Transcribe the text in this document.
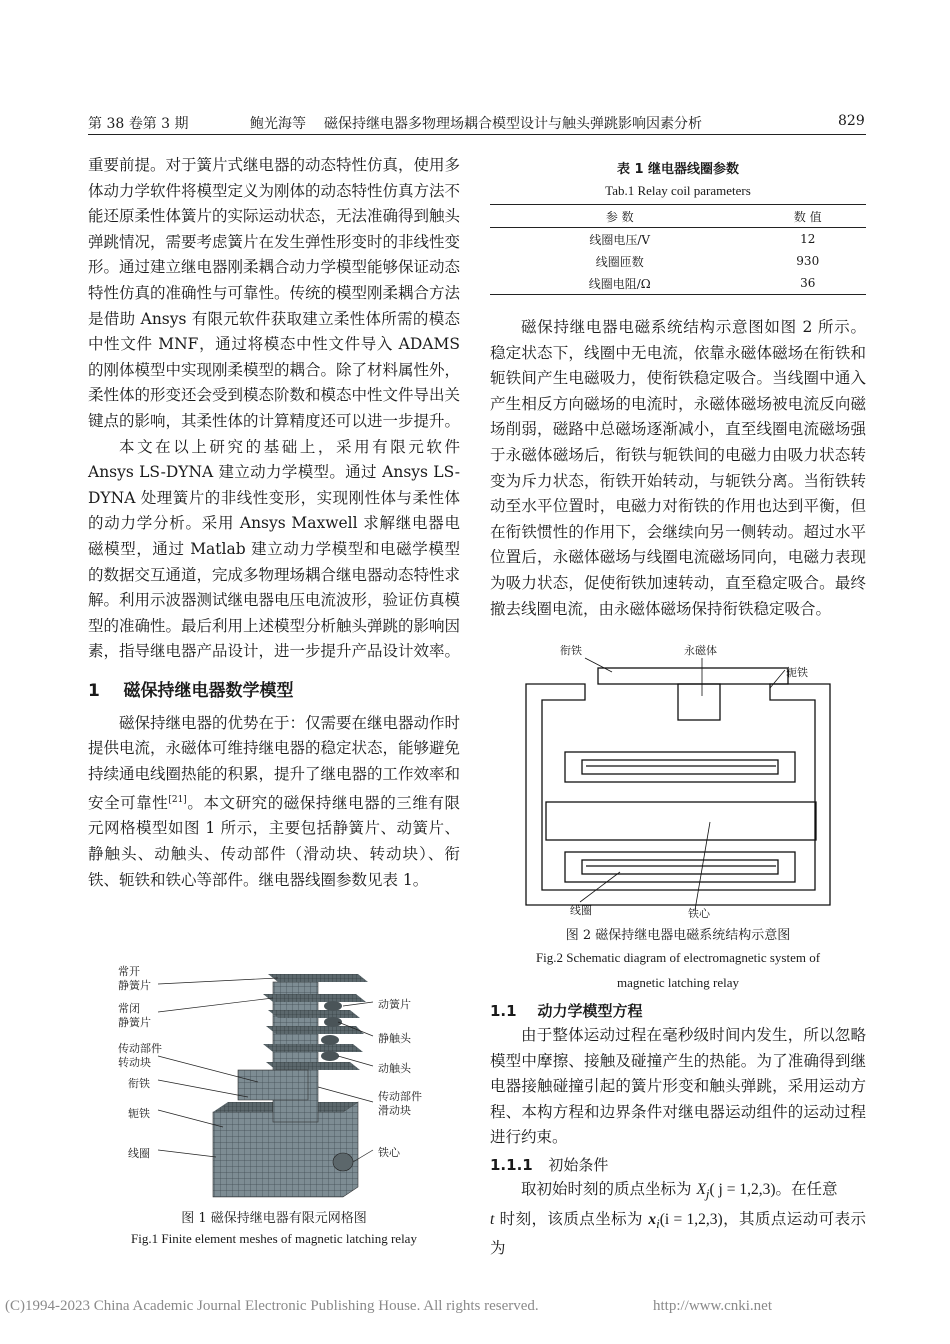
第 38 卷第 3 期	鲍光海等 磁保持继电器多物理场耦合模型设计与触头弹跳影响因素分析	829

重要前提。对于簧片式继电器的动态特性仿真，使用多体动力学软件将模型定义为刚体的动态特性仿真方法不能还原柔性体簧片的实际运动状态，无法准确得到触头弹跳情况，需要考虑簧片在发生弹性形变时的非线性变形。通过建立继电器刚柔耦合动力学模型能够保证动态特性仿真的准确性与可靠性。传统的模型刚柔耦合方法是借助 Ansys 有限元软件获取建立柔性体所需的模态中性文件 MNF，通过将模态中性文件导入 ADAMS 的刚体模型中实现刚柔模型的耦合。除了材料属性外，柔性体的形变还会受到模态阶数和模态中性文件导出关键点的影响，其柔性体的计算精度还可以进一步提升。

本文在以上研究的基础上，采用有限元软件 Ansys LS-DYNA 建立动力学模型。通过 Ansys LS-DYNA 处理簧片的非线性变形，实现刚性体与柔性体的动力学分析。采用 Ansys Maxwell 求解继电器电磁模型，通过 Matlab 建立动力学模型和电磁学模型的数据交互通道，完成多物理场耦合继电器动态特性求解。利用示波器测试继电器电压电流波形，验证仿真模型的准确性。最后利用上述模型分析触头弹跳的影响因素，指导继电器产品设计，进一步提升产品设计效率。

1 磁保持继电器数学模型

磁保持继电器的优势在于：仅需要在继电器动作时提供电流，永磁体可维持继电器的稳定状态，能够避免持续通电线圈热能的积累，提升了继电器的工作效率和安全可靠性[21]。本文研究的磁保持继电器的三维有限元网格模型如图 1 所示，主要包括静簧片、动簧片、静触头、动触头、传动部件（滑动块、转动块）、衔铁、轭铁和铁心等部件。继电器线圈参数见表 1。

常开
静簧片
常闭
静簧片
传动部件
转动块
衔铁
轭铁
线圈
动簧片
静触头
动触头
传动部件
滑动块
铁心
图 1 磁保持继电器有限元网格图
Fig.1 Finite element meshes of magnetic latching relay
表 1 继电器线圈参数
Tab.1 Relay coil parameters
参 数	数 值
线圈电压/V	12
线圈匝数	930
线圈电阻/Ω	36

磁保持继电器电磁系统结构示意图如图 2 所示。稳定状态下，线圈中无电流，依靠永磁体磁场在衔铁和轭铁间产生电磁吸力，使衔铁稳定吸合。当线圈中通入产生相反方向磁场的电流时，永磁体磁场被电流反向磁场削弱，磁路中总磁场逐渐减小，直至线圈电流磁场强于永磁体磁场后，衔铁与轭铁间的电磁力由吸力状态转变为斥力状态，衔铁开始转动，与轭铁分离。当衔铁转动至水平位置时，电磁力对衔铁的作用也达到平衡，但在衔铁惯性的作用下，会继续向另一侧转动。超过水平位置后，永磁体磁场与线圈电流磁场同向，电磁力表现为吸力状态，促使衔铁加速转动，直至稳定吸合。最终撤去线圈电流，由永磁体磁场保持衔铁稳定吸合。

衔铁	永磁体
轭铁
铁心
线圈
图 2 磁保持继电器电磁系统结构示意图
Fig.2 Schematic diagram of electromagnetic system of
magnetic latching relay
1.1 动力学模型方程

由于整体运动过程在毫秒级时间内发生，所以忽略模型中摩擦、接触及碰撞产生的热能。为了准确得到继电器接触碰撞引起的簧片形变和触头弹跳，采用运动方程、本构方程和边界条件对继电器运动组件的运动过程进行约束。

1.1.1 初始条件

取初始时刻的质点坐标为 $X_j$( j = 1,2,3)。在任意
t 时刻，该质点坐标为 $x_i(i = 1,2,3)$，其质点运动可表示为

(C)1994-2023 China Academic Journal Electronic Publishing House. All rights reserved.	http://www.cnki.net
